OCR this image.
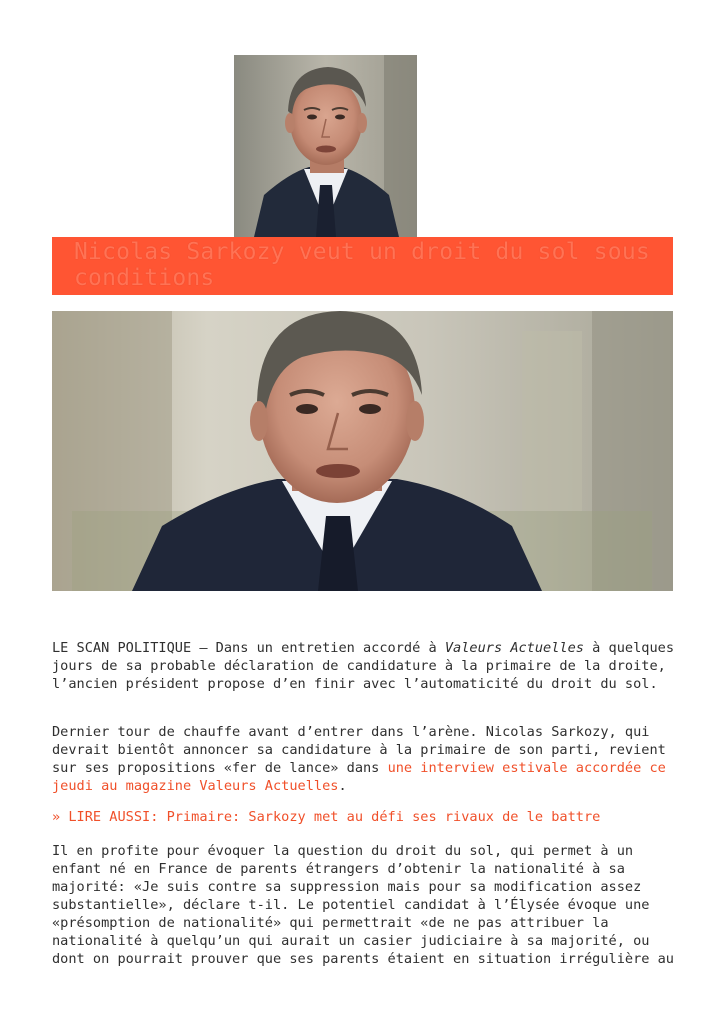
Nicolas Sarkozy veut un droit du sol sous conditions

LE SCAN POLITIQUE – Dans un entretien accordé à Valeurs Actuelles à quelques jours de sa probable déclaration de candidature à la primaire de la droite, l’ancien président propose d’en finir avec l’automaticité du droit du sol.

Dernier tour de chauffe avant d’entrer dans l’arène. Nicolas Sarkozy, qui devrait bientôt annoncer sa candidature à la primaire de son parti, revient sur ses propositions «fer de lance» dans une interview estivale accordée ce jeudi au magazine Valeurs Actuelles.

» LIRE AUSSI: Primaire: Sarkozy met au défi ses rivaux de le battre

Il en profite pour évoquer la question du droit du sol, qui permet à un enfant né en France de parents étrangers d’obtenir la nationalité à sa majorité: «Je suis contre sa suppression mais pour sa modification assez substantielle», déclare t-il. Le potentiel candidat à l’Élysée évoque une «présomption de nationalité» qui permettrait «de ne pas attribuer la nationalité à quelqu’un qui aurait un casier judiciaire à sa majorité, ou dont on pourrait prouver que ses parents étaient en situation irrégulière au
